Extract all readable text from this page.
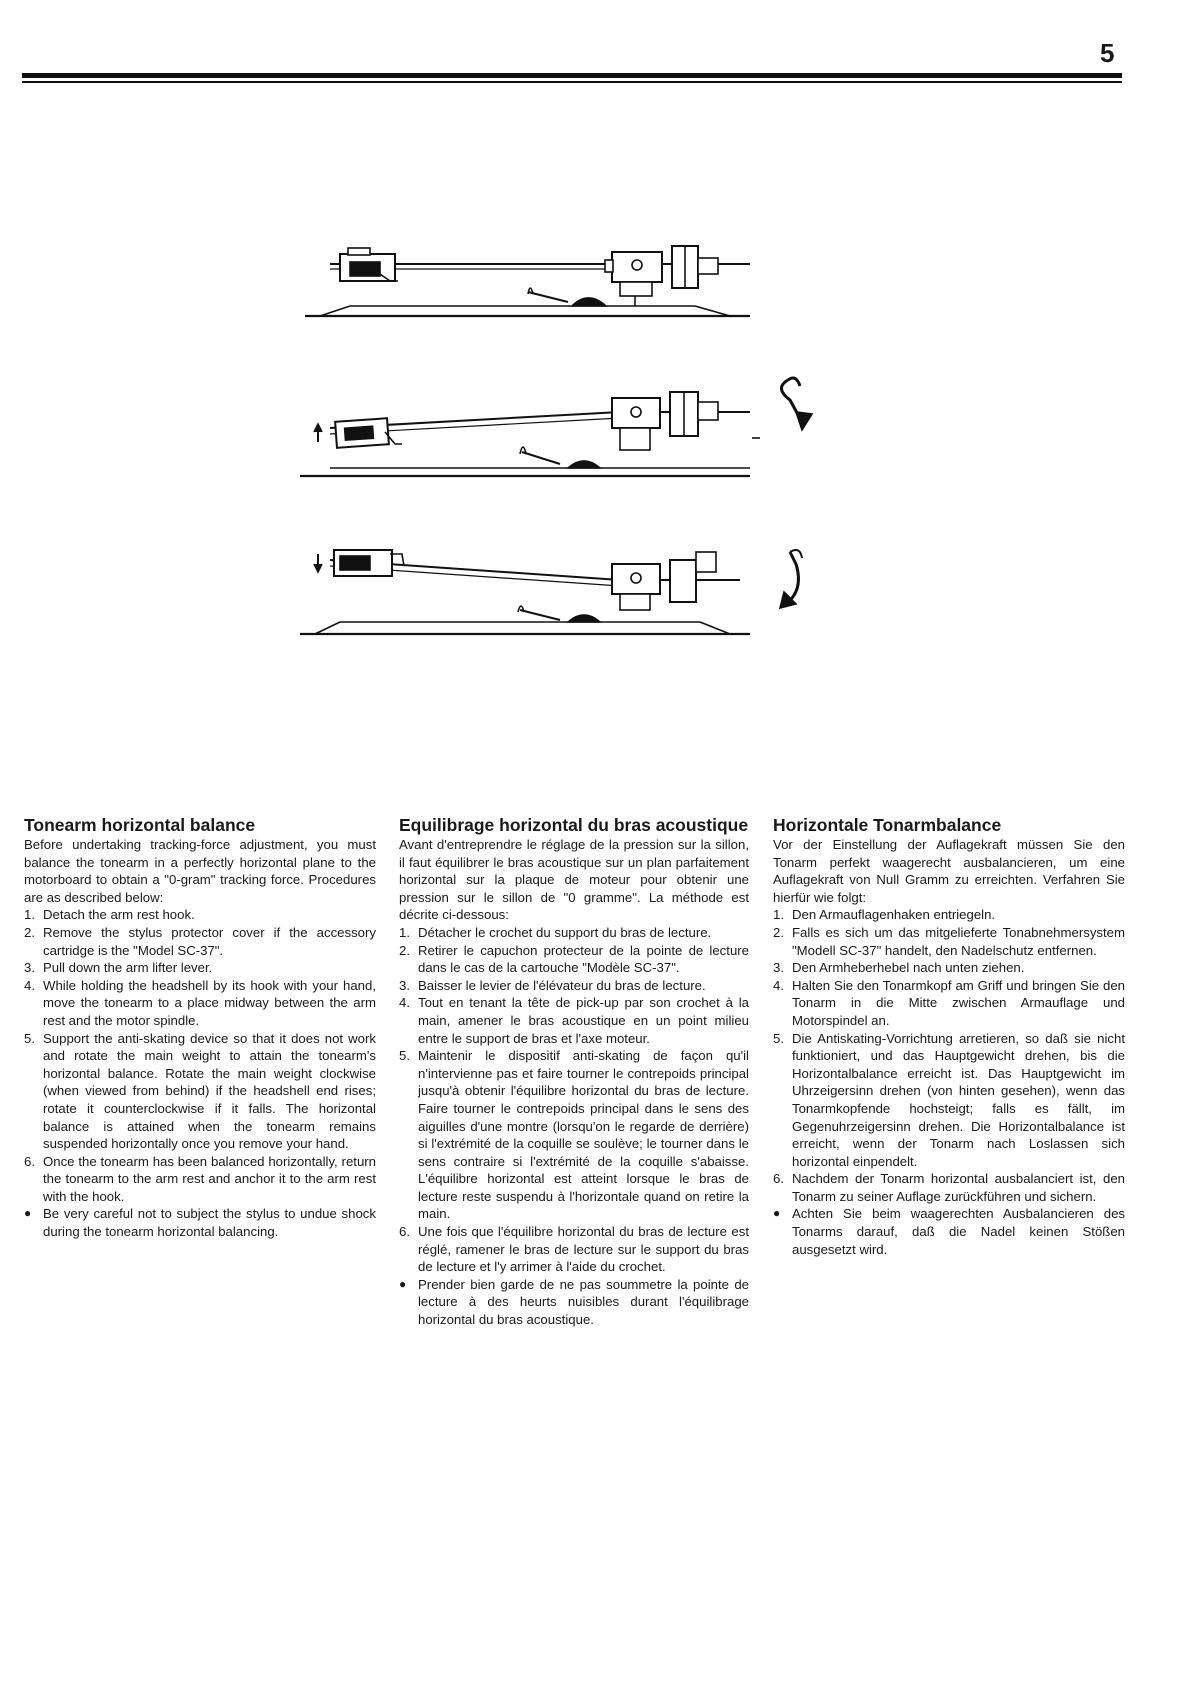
5
Tonearm horizontal balance

Before undertaking tracking-force adjustment, you must balance the tonearm in a perfectly horizontal plane to the motorboard to obtain a "0-gram" tracking force. Procedures are as described below:

1. Detach the arm rest hook.
2. Remove the stylus protector cover if the accessory cartridge is the "Model SC-37".
3. Pull down the arm lifter lever.
4. While holding the headshell by its hook with your hand, move the tonearm to a place midway between the arm rest and the motor spindle.
5. Support the anti-skating device so that it does not work and rotate the main weight to attain the tonearm's horizontal balance. Rotate the main weight clockwise (when viewed from behind) if the headshell end rises; rotate it counterclockwise if it falls. The horizontal balance is attained when the tonearm remains suspended horizontally once you remove your hand.
6. Once the tonearm has been balanced horizontally, return the tonearm to the arm rest and anchor it to the arm rest with the hook.
● Be very careful not to subject the stylus to undue shock during the tonearm horizontal balancing.
Equilibrage horizontal du bras acoustique

Avant d'entreprendre le réglage de la pression sur la sillon, il faut équilibrer le bras acoustique sur un plan parfaitement horizontal sur la plaque de moteur pour obtenir une pression sur le sillon de "0 gramme". La méthode est décrite ci-dessous:

1. Détacher le crochet du support du bras de lecture.
2. Retirer le capuchon protecteur de la pointe de lecture dans le cas de la cartouche "Modèle SC-37".
3. Baisser le levier de l'élévateur du bras de lecture.
4. Tout en tenant la tête de pick-up par son crochet à la main, amener le bras acoustique en un point milieu entre le support de bras et l'axe moteur.
5. Maintenir le dispositif anti-skating de façon qu'il n'intervienne pas et faire tourner le contrepoids principal jusqu'à obtenir l'équilibre horizontal du bras de lecture. Faire tourner le contrepoids principal dans le sens des aiguilles d'une montre (lorsqu'on le regarde de derrière) si l'extrémité de la coquille se soulève; le tourner dans le sens contraire si l'extrémité de la coquille s'abaisse. L'équilibre horizontal est atteint lorsque le bras de lecture reste suspendu à l'horizontale quand on retire la main.
6. Une fois que l'équilibre horizontal du bras de lecture est réglé, ramener le bras de lecture sur le support du bras de lecture et l'y arrimer à l'aide du crochet.
● Prender bien garde de ne pas soummetre la pointe de lecture à des heurts nuisibles durant l'équilibrage horizontal du bras acoustique.
Horizontale Tonarmbalance

Vor der Einstellung der Auflagekraft müssen Sie den Tonarm perfekt waagerecht ausbalancieren, um eine Auflagekraft von Null Gramm zu erreichten. Verfahren Sie hierfür wie folgt:

1. Den Armauflagenhaken entriegeln.
2. Falls es sich um das mitgelieferte Tonabnehmersystem "Modell SC-37" handelt, den Nadelschutz entfernen.
3. Den Armheberhebel nach unten ziehen.
4. Halten Sie den Tonarmkopf am Griff und bringen Sie den Tonarm in die Mitte zwischen Armauflage und Motorspindel an.
5. Die Antiskating-Vorrichtung arretieren, so daß sie nicht funktioniert, und das Hauptgewicht drehen, bis die Horizontalbalance erreicht ist. Das Hauptgewicht im Uhrzeigersinn drehen (von hinten gesehen), wenn das Tonarmkopfende hochsteigt; falls es fällt, im Gegenuhrzeigersinn drehen. Die Horizontalbalance ist erreicht, wenn der Tonarm nach Loslassen sich horizontal einpendelt.
6. Nachdem der Tonarm horizontal ausbalanciert ist, den Tonarm zu seiner Auflage zurückführen und sichern.
● Achten Sie beim waagerechten Ausbalancieren des Tonarms darauf, daß die Nadel keinen Stößen ausgesetzt wird.
